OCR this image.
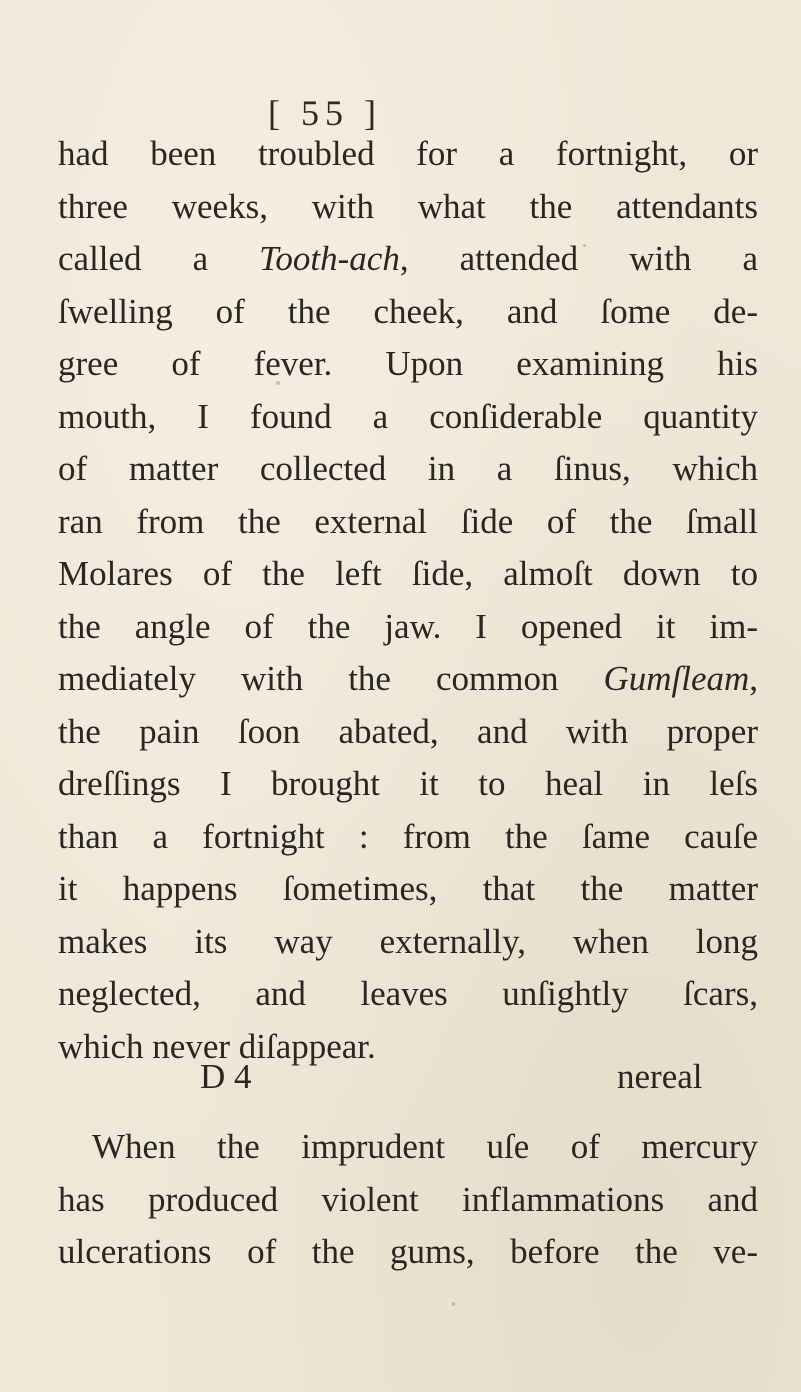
[ 55 ]
had been troubled for a fortnight, or
three weeks, with what the attendants
called a Tooth-ach, attended with a
ſwelling of the cheek, and ſome de-
gree of fever. Upon examining his
mouth, I found a conſiderable quantity
of matter collected in a ſinus, which
ran from the external ſide of the ſmall
Molares of the left ſide, almoſt down to
the angle of the jaw. I opened it im-
mediately with the common Gumſleam,
the pain ſoon abated, and with proper
dreſſings I brought it to heal in leſs
than a fortnight : from the ſame cauſe
it happens ſometimes, that the matter
makes its way externally, when long
neglected, and leaves unſightly ſcars,
which never diſappear.
When the imprudent uſe of mercury
has produced violent inflammations and
ulcerations of the gums, before the ve-
D 4	nereal
